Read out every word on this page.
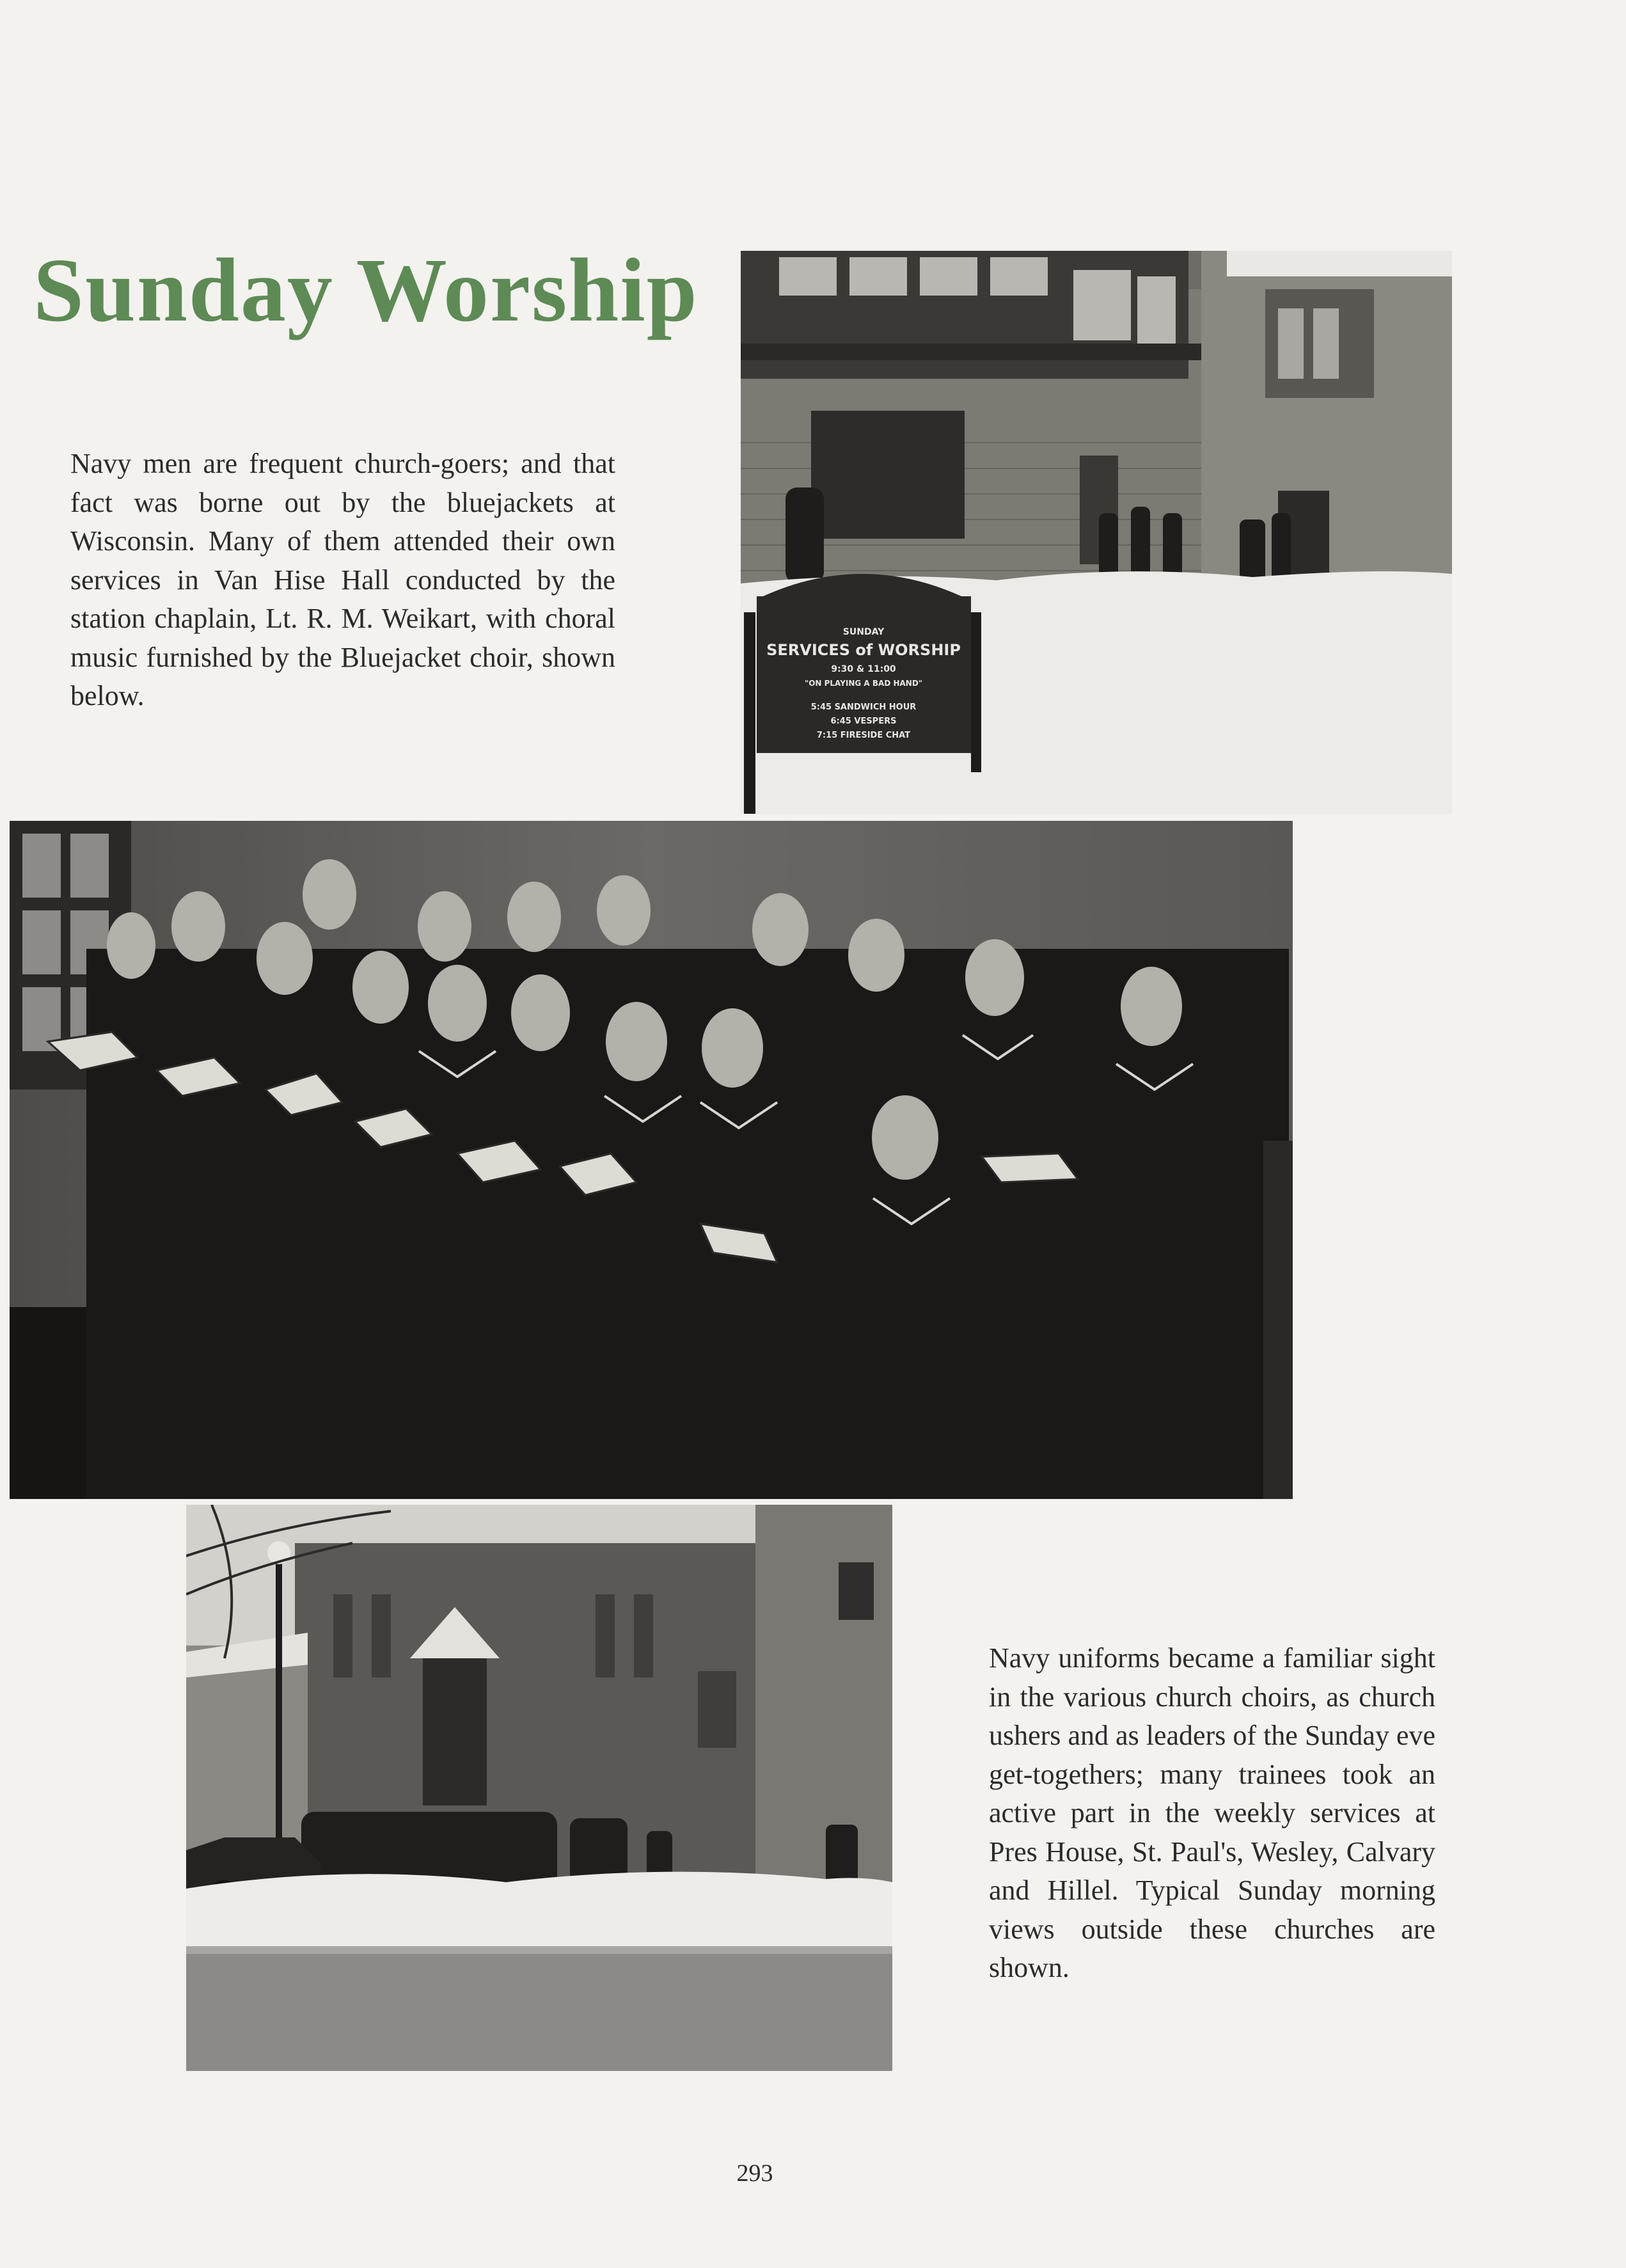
Sunday Worship
Navy men are frequent church-goers; and that fact was borne out by the bluejackets at Wisconsin. Many of them attended their own services in Van Hise Hall conducted by the station chaplain, Lt. R. M. Weikart, with choral music furnished by the Bluejacket choir, shown below.
SUNDAY
SERVICES of WORSHIP
9:30 & 11:00
"ON PLAYING A BAD HAND"
5:45 SANDWICH HOUR
6:45 VESPERS
7:15 FIRESIDE CHAT
Navy uniforms became a familiar sight in the various church choirs, as church ushers and as leaders of the Sunday eve get-togethers; many trainees took an active part in the weekly services at Pres House, St. Paul's, Wesley, Calvary and Hillel. Typical Sunday morning views outside these churches are shown.
293
